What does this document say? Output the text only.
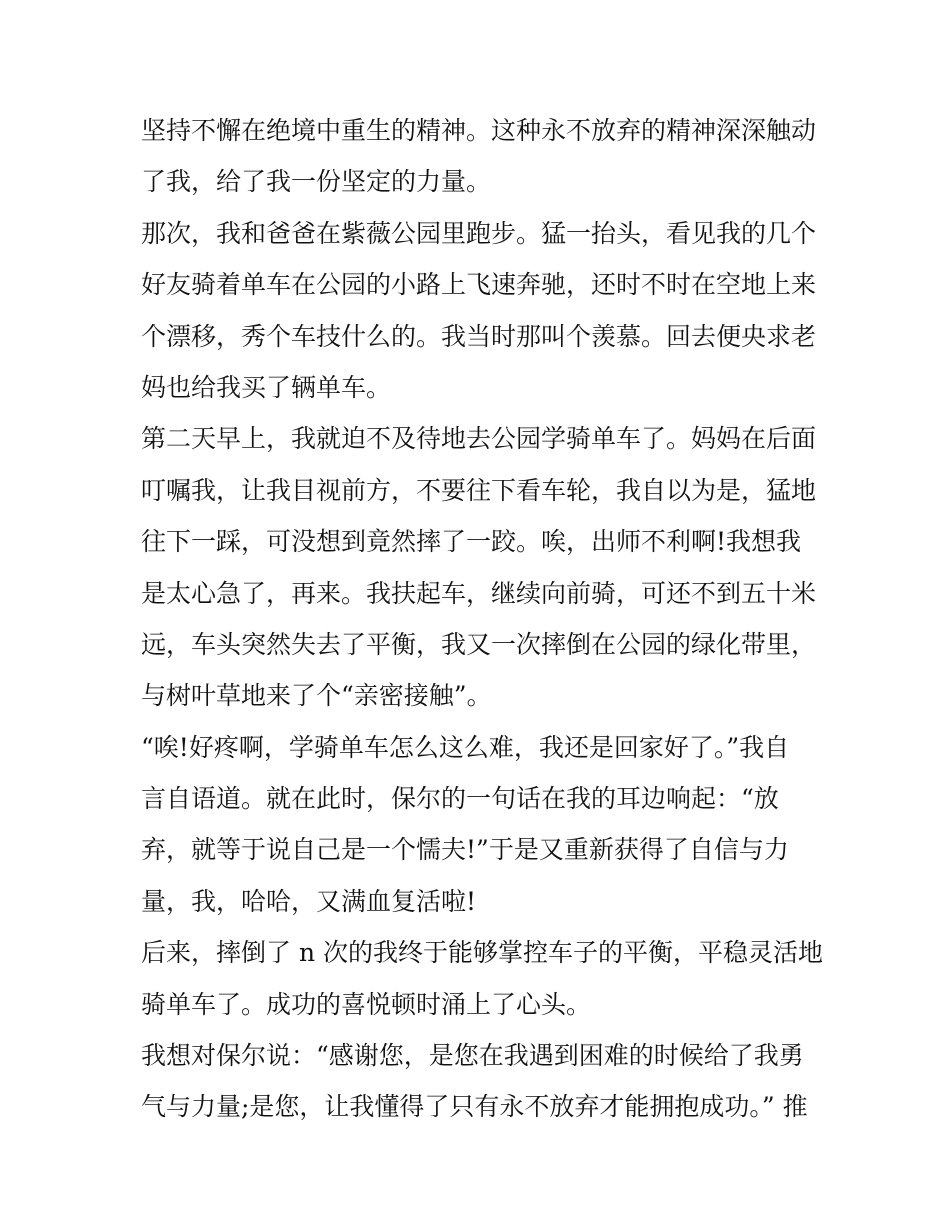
坚持不懈在绝境中重生的精神。这种永不放弃的精神深深触动
了我，给了我一份坚定的力量。
那次，我和爸爸在紫薇公园里跑步。猛一抬头，看见我的几个
好友骑着单车在公园的小路上飞速奔驰，还时不时在空地上来
个漂移，秀个车技什么的。我当时那叫个羡慕。回去便央求老
妈也给我买了辆单车。
第二天早上，我就迫不及待地去公园学骑单车了。妈妈在后面
叮嘱我，让我目视前方，不要往下看车轮，我自以为是，猛地
往下一踩，可没想到竟然摔了一跤。唉，出师不利啊!我想我
是太心急了，再来。我扶起车，继续向前骑，可还不到五十米
远，车头突然失去了平衡，我又一次摔倒在公园的绿化带里，
与树叶草地来了个“亲密接触”。
“唉!好疼啊，学骑单车怎么这么难，我还是回家好了。”我自
言自语道。就在此时，保尔的一句话在我的耳边响起：“放
弃，就等于说自己是一个懦夫!”于是又重新获得了自信与力
量，我，哈哈，又满血复活啦!
后来，摔倒了 n 次的我终于能够掌控车子的平衡，平稳灵活地
骑单车了。成功的喜悦顿时涌上了心头。
我想对保尔说：“感谢您，是您在我遇到困难的时候给了我勇
气与力量;是您，让我懂得了只有永不放弃才能拥抱成功。” 推
